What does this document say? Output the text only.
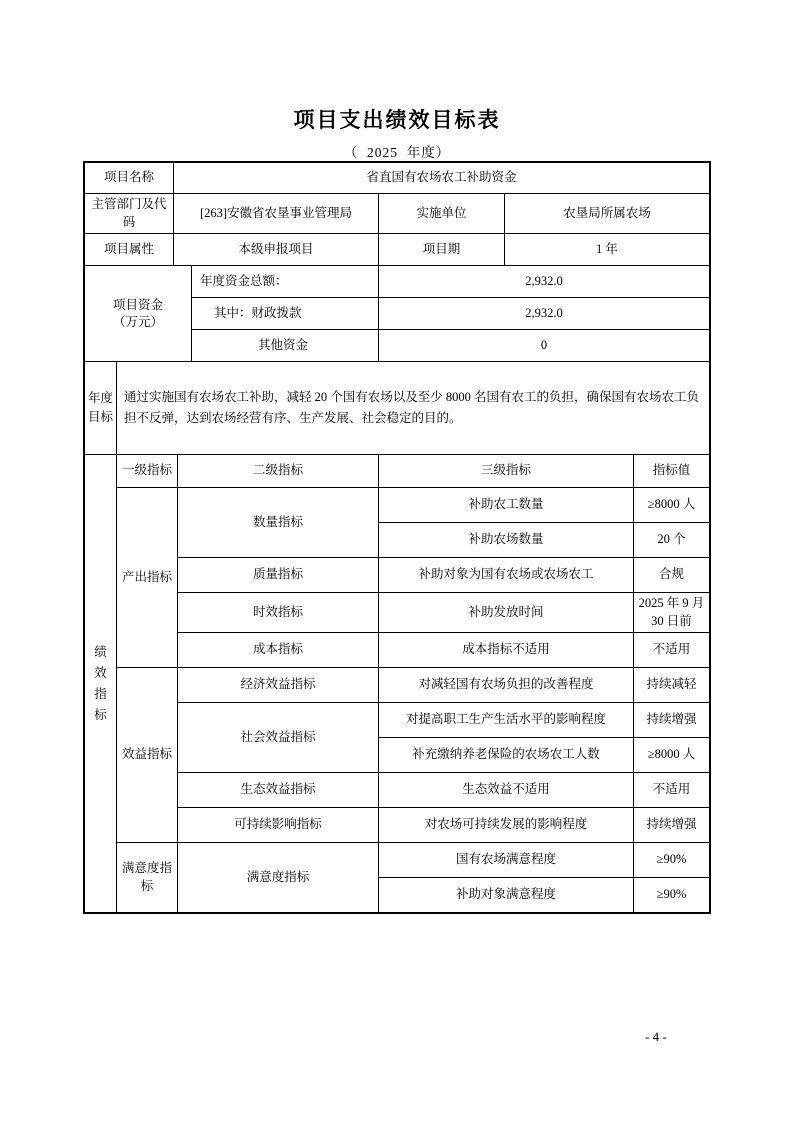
项目支出绩效目标表
（  2025  年度）
项目名称	省直国有农场农工补助资金		
主管部门及代码	[263]安徽省农垦事业管理局	实施单位	农垦局所属农场
项目属性	本级申报项目	项目期	1 年
项目资金
（万元）	年度资金总额：	2,932.0
	其中：财政拨款	2,932.0
	其他资金	0
年度目标
	通过实施国有农场农工补助，减轻 20 个国有农场以及至少 8000 名国有农工的负担，确保国有农场农工负担不反弹，达到农场经营有序、生产发展、社会稳定的目的。
绩效指标	一级指标	二级指标	三级指标	指标值
	产出指标	数量指标	补助农工数量	≥8000 人
			补助农场数量	20 个
		质量指标	补助对象为国有农场或农场农工	合规
		时效指标	补助发放时间	2025 年 9 月 30 日前
		成本指标	成本指标不适用	不适用
	效益指标	经济效益指标	对减轻国有农场负担的改善程度	持续减轻
		社会效益指标	对提高职工生产生活水平的影响程度	持续增强
			补充缴纳养老保险的农场农工人数	≥8000 人
		生态效益指标	生态效益不适用	不适用
		可持续影响指标	对农场可持续发展的影响程度	持续增强

	满意度指标	满意度指标	国有农场满意程度	≥90%
			补助对象满意程度	≥90%
- 4 -
